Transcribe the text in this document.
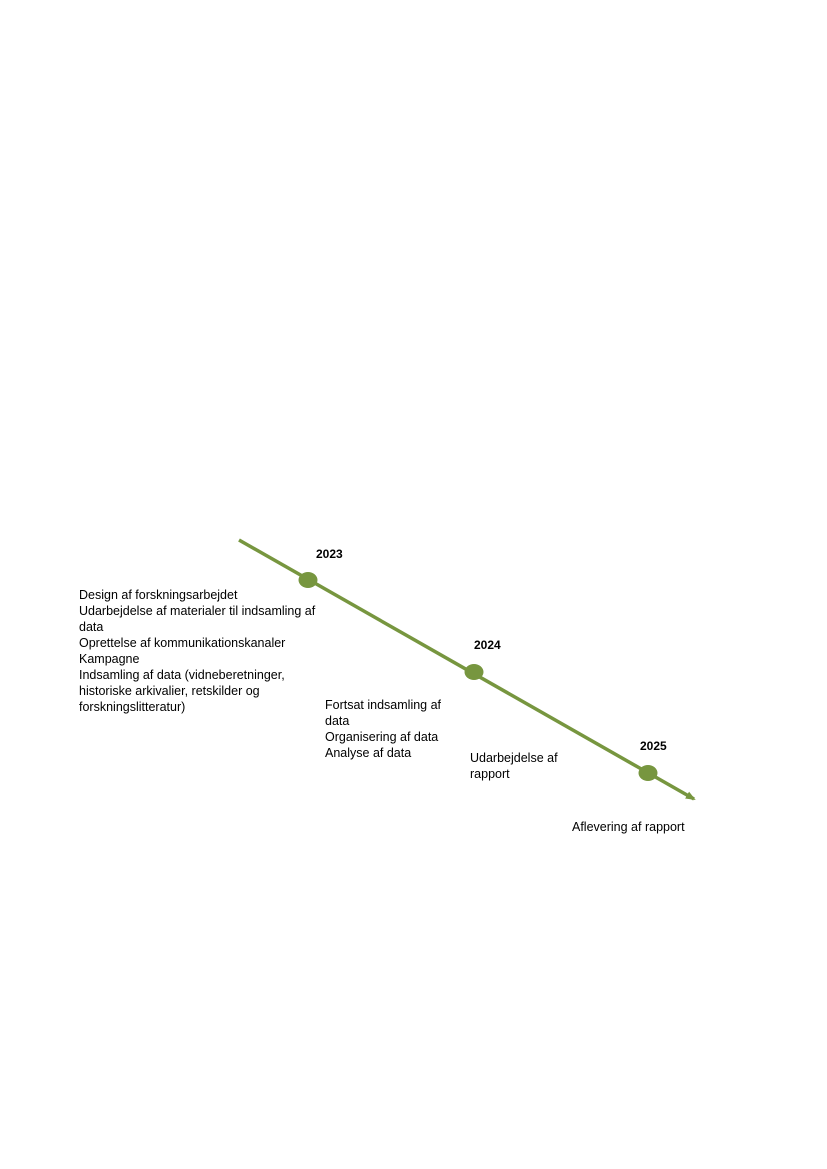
2023
2024
2025
Design af forskningsarbejdet
Udarbejdelse af materialer til indsamling af
data
Oprettelse af kommunikationskanaler
Kampagne
Indsamling af data (vidneberetninger,
historiske arkivalier, retskilder og
forskningslitteratur)	Fortsat indsamling af
data
Organisering af data
Analyse af data	Udarbejdelse af
rapport
Aflevering af rapport
